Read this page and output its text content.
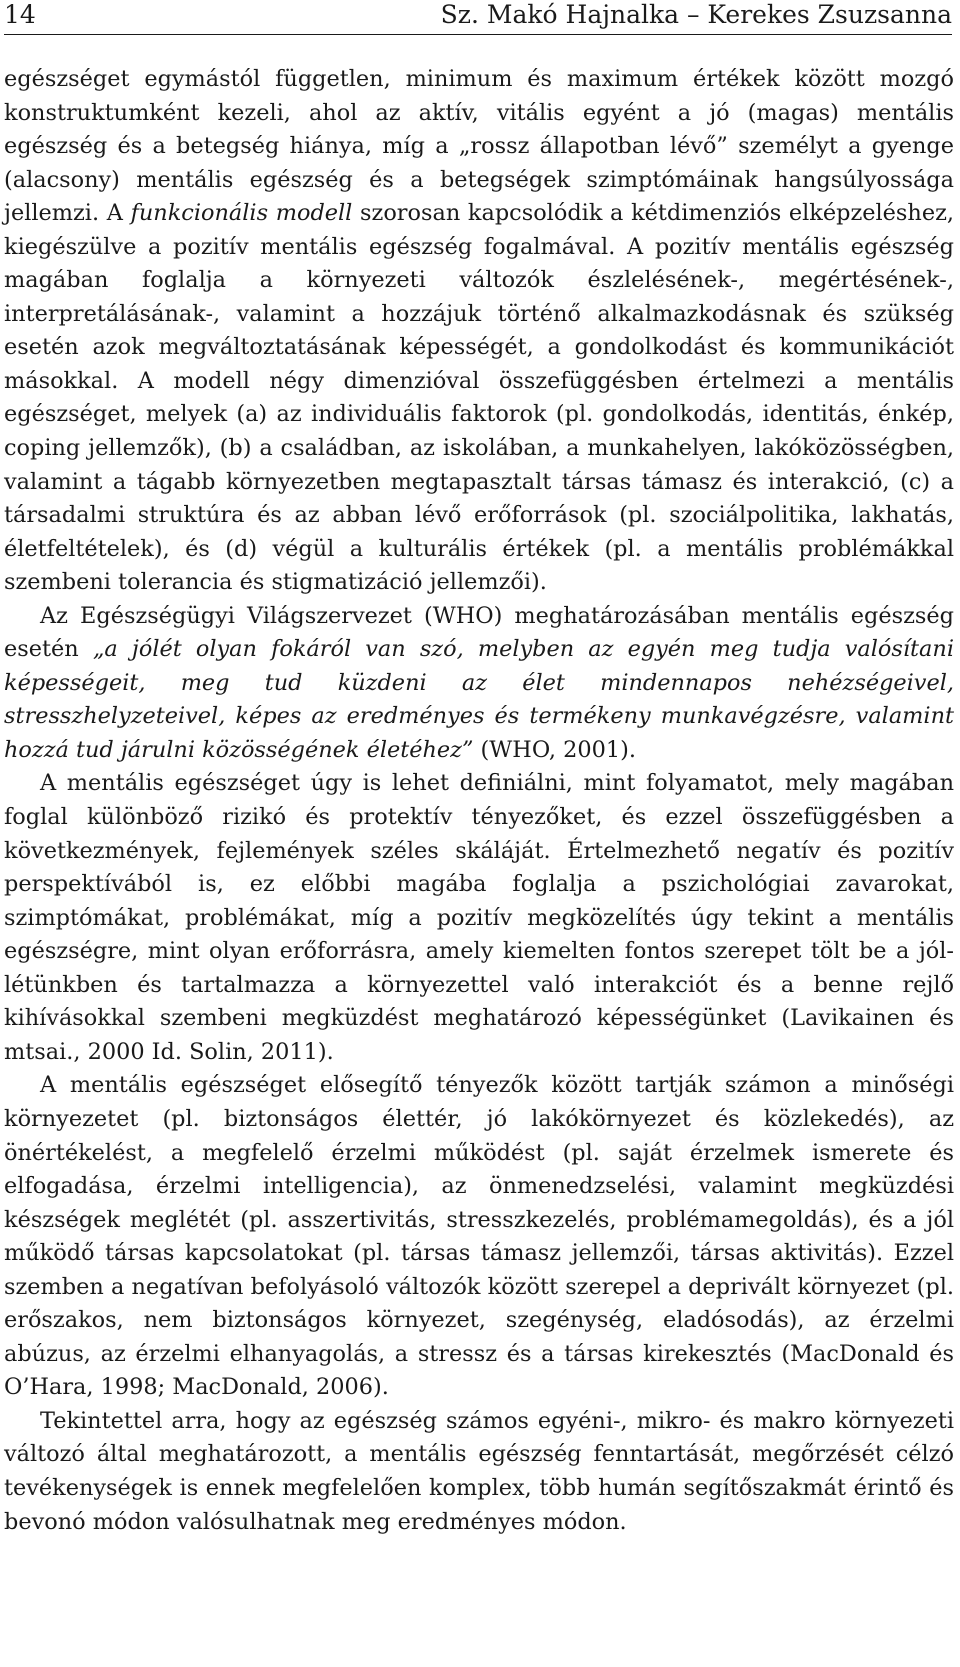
14	Sz. Makó Hajnalka – Kerekes Zsuzsanna

egészséget egymástól független, minimum és maximum értékek között mozgó konstruktumként kezeli, ahol az aktív, vitális egyént a jó (magas) mentális egészség és a betegség hiánya, míg a „rossz állapotban lévő” személyt a gyenge (alacsony) mentális egészség és a betegségek szimptómáinak hangsúlyossága jellemzi. A funkcionális modell szorosan kapcsolódik a kétdimenziós elképzeléshez, kiegészülve a pozitív mentális egészség fogalmával. A pozitív mentális egészség magában foglalja a környezeti változók észlelésének-, megértésének-, interpretálásának-, valamint a hozzájuk történő alkalmazkodásnak és szükség esetén azok megváltoztatásának képességét, a gondolkodást és kommunikációt másokkal. A modell négy dimenzióval összefüggésben értelmezi a mentális egészséget, melyek (a) az individuális faktorok (pl. gondolkodás, identitás, énkép, coping jellemzők), (b) a családban, az iskolában, a munkahelyen, lakóközösségben, valamint a tágabb környezetben megtapasztalt társas támasz és interakció, (c) a társadalmi struktúra és az abban lévő erőforrások (pl. szociálpolitika, lakhatás, életfeltételek), és (d) végül a kulturális értékek (pl. a mentális problémákkal szembeni tolerancia és stigmatizáció jellemzői).

Az Egészségügyi Világszervezet (WHO) meghatározásában mentális egészség esetén „a jólét olyan fokáról van szó, melyben az egyén meg tudja valósítani képességeit, meg tud küzdeni az élet mindennapos nehézségeivel, stresszhelyzeteivel, képes az eredményes és termékeny munkavégzésre, valamint hozzá tud járulni közösségének életéhez” (WHO, 2001).

A mentális egészséget úgy is lehet definiálni, mint folyamatot, mely magában foglal különböző rizikó és protektív tényezőket, és ezzel összefüggésben a következmények, fejlemények széles skáláját. Értelmezhető negatív és pozitív perspektívából is, ez előbbi magába foglalja a pszichológiai zavarokat, szimptómákat, problémákat, míg a pozitív megközelítés úgy tekint a mentális egészségre, mint olyan erőforrásra, amely kiemelten fontos szerepet tölt be a jól-létünkben és tartalmazza a környezettel való interakciót és a benne rejlő kihívásokkal szembeni megküzdést meghatározó képességünket (Lavikainen és mtsai., 2000 Id. Solin, 2011).

A mentális egészséget elősegítő tényezők között tartják számon a minőségi környezetet (pl. biztonságos élettér, jó lakókörnyezet és közlekedés), az önértékelést, a megfelelő érzelmi működést (pl. saját érzelmek ismerete és elfogadása, érzelmi intelligencia), az önmenedzselési, valamint megküzdési készségek meglétét (pl. asszertivitás, stresszkezelés, problémamegoldás), és a jól működő társas kapcsolatokat (pl. társas támasz jellemzői, társas aktivitás). Ezzel szemben a negatívan befolyásoló változók között szerepel a deprivált környezet (pl. erőszakos, nem biztonságos környezet, szegénység, eladósodás), az érzelmi abúzus, az érzelmi elhanyagolás, a stressz és a társas kirekesztés (MacDonald és O’Hara, 1998; MacDonald, 2006).

Tekintettel arra, hogy az egészség számos egyéni-, mikro- és makro környezeti változó által meghatározott, a mentális egészség fenntartását, megőrzését célzó tevékenységek is ennek megfelelően komplex, több humán segítőszakmát érintő és bevonó módon valósulhatnak meg eredményes módon.
